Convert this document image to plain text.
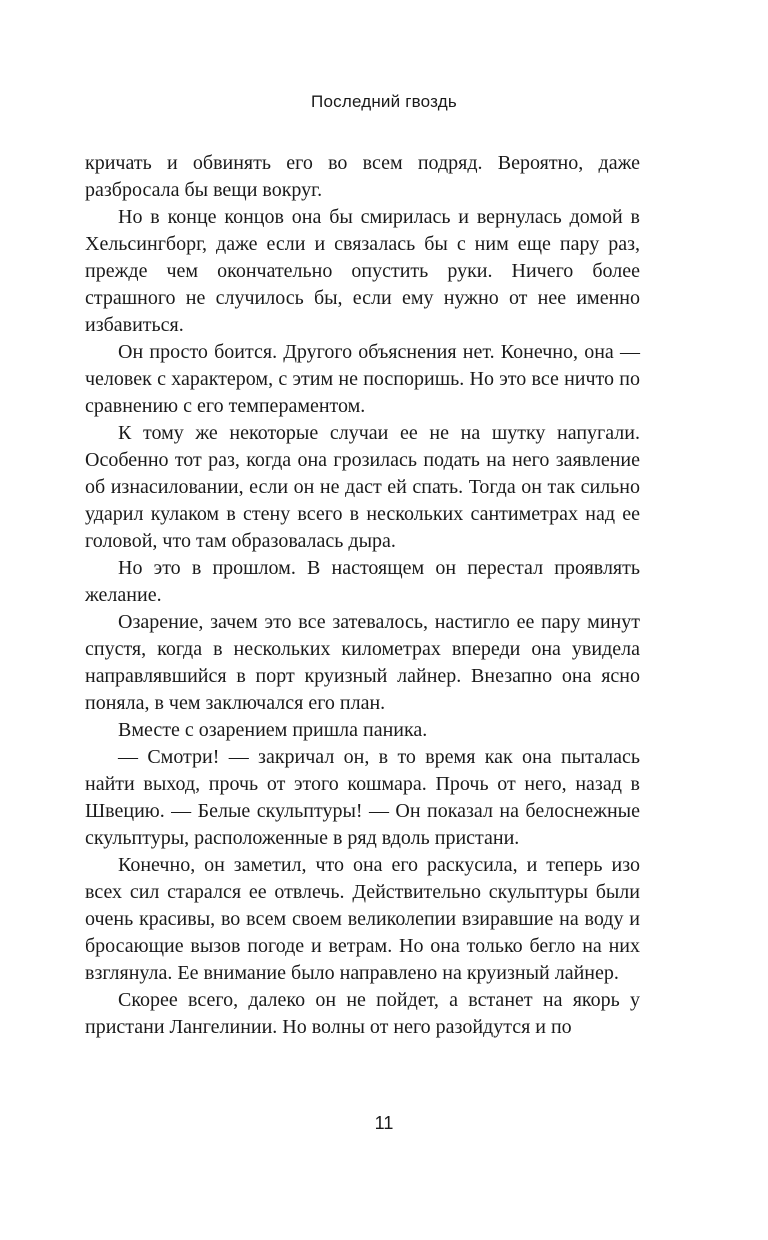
Последний гвоздь

кричать и обвинять его во всем подряд. Вероятно, даже разбросала бы вещи вокруг.

Но в конце концов она бы смирилась и вернулась домой в Хельсингборг, даже если и связалась бы с ним еще пару раз, прежде чем окончательно опустить руки. Ничего более страшного не случилось бы, если ему нужно от нее именно избавиться.

Он просто боится. Другого объяснения нет. Конечно, она — человек с характером, с этим не поспоришь. Но это все ничто по сравнению с его темпераментом.

К тому же некоторые случаи ее не на шутку напугали. Особенно тот раз, когда она грозилась подать на него заявление об изнасиловании, если он не даст ей спать. Тогда он так сильно ударил кулаком в стену всего в нескольких сантиметрах над ее головой, что там образовалась дыра.

Но это в прошлом. В настоящем он перестал проявлять желание.

Озарение, зачем это все затевалось, настигло ее пару минут спустя, когда в нескольких километрах впереди она увидела направлявшийся в порт круизный лайнер. Внезапно она ясно поняла, в чем заключался его план.

Вместе с озарением пришла паника.

— Смотри! — закричал он, в то время как она пыталась найти выход, прочь от этого кошмара. Прочь от него, назад в Швецию. — Белые скульптуры! — Он показал на белоснежные скульптуры, расположенные в ряд вдоль пристани.

Конечно, он заметил, что она его раскусила, и теперь изо всех сил старался ее отвлечь. Действительно скульптуры были очень красивы, во всем своем великолепии взиравшие на воду и бросающие вызов погоде и ветрам. Но она только бегло на них взглянула. Ее внимание было направлено на круизный лайнер.

Скорее всего, далеко он не пойдет, а встанет на якорь у пристани Лангелинии. Но волны от него разойдутся и по

11
